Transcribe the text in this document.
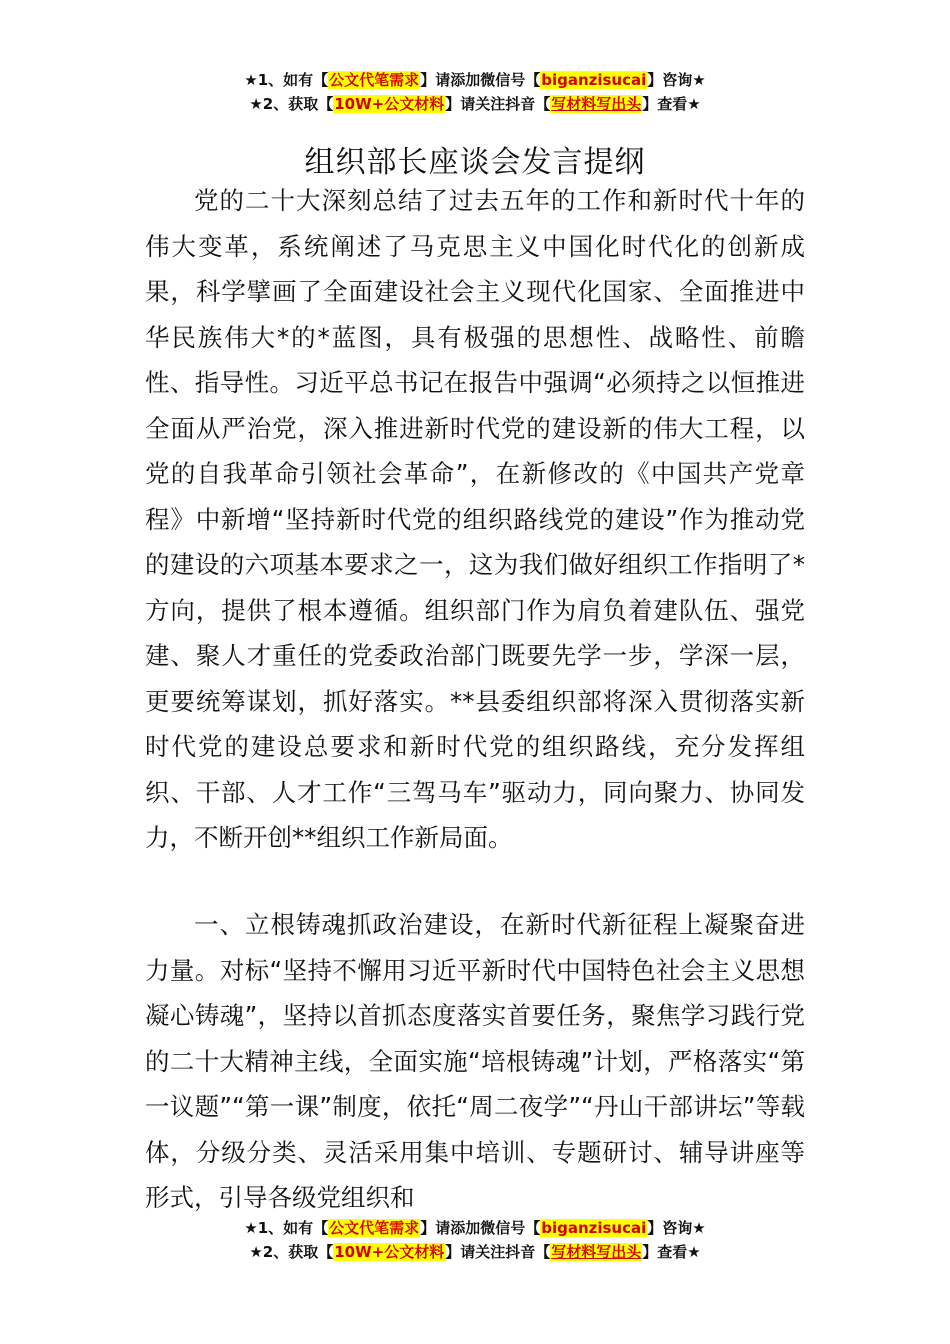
★1、如有【公文代笔需求】请添加微信号【biganzisucai】咨询★
★2、获取【10W+公文材料】请关注抖音【写材料写出头】查看★
组织部长座谈会发言提纲

党的二十大深刻总结了过去五年的工作和新时代十年的伟大变革，系统阐述了马克思主义中国化时代化的创新成果，科学擘画了全面建设社会主义现代化国家、全面推进中华民族伟大*的*蓝图，具有极强的思想性、战略性、前瞻性、指导性。习近平总书记在报告中强调“必须持之以恒推进全面从严治党，深入推进新时代党的建设新的伟大工程，以党的自我革命引领社会革命”，在新修改的《中国共产党章程》中新增“坚持新时代党的组织路线党的建设”作为推动党的建设的六项基本要求之一，这为我们做好组织工作指明了*方向，提供了根本遵循。组织部门作为肩负着建队伍、强党建、聚人才重任的党委政治部门既要先学一步，学深一层，更要统筹谋划，抓好落实。**县委组织部将深入贯彻落实新时代党的建设总要求和新时代党的组织路线，充分发挥组织、干部、人才工作“三驾马车”驱动力，同向聚力、协同发力，不断开创**组织工作新局面。

一、立根铸魂抓政治建设，在新时代新征程上凝聚奋进力量。对标“坚持不懈用习近平新时代中国特色社会主义思想凝心铸魂”，坚持以首抓态度落实首要任务，聚焦学习践行党的二十大精神主线，全面实施“培根铸魂”计划，严格落实“第一议题”“第一课”制度，依托“周二夜学”“丹山干部讲坛”等载体，分级分类、灵活采用集中培训、专题研讨、辅导讲座等形式，引导各级党组织和

★1、如有【公文代笔需求】请添加微信号【biganzisucai】咨询★
★2、获取【10W+公文材料】请关注抖音【写材料写出头】查看★
